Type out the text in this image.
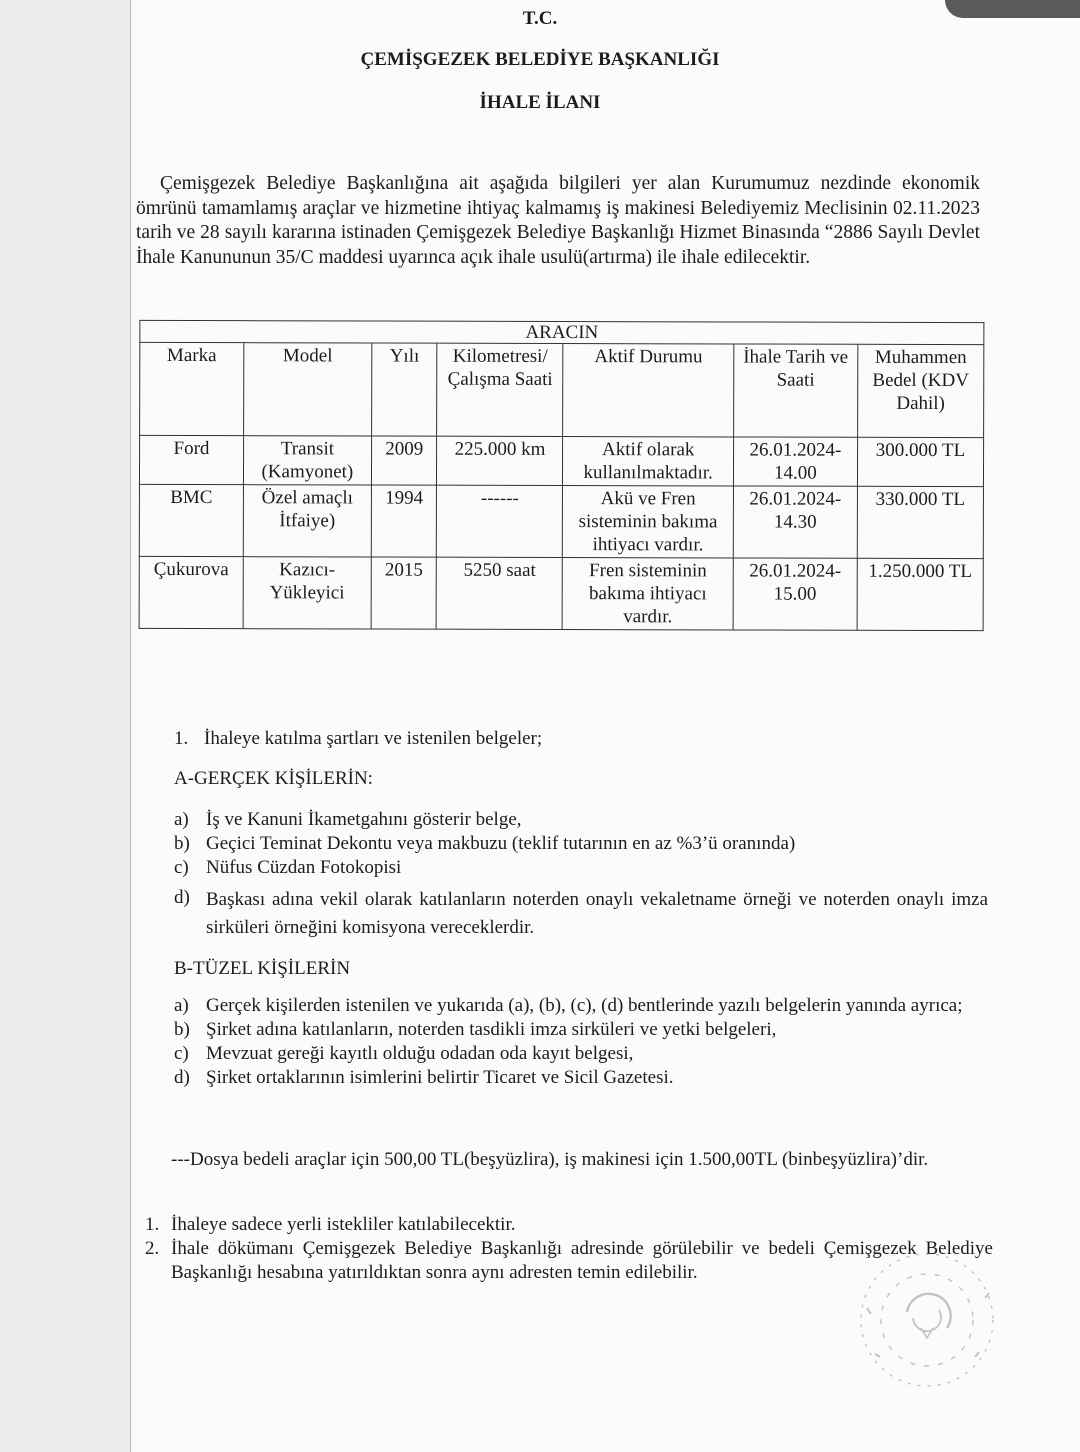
T.C.
ÇEMİŞGEZEK BELEDİYE BAŞKANLIĞI
İHALE İLANI

Çemişgezek Belediye Başkanlığına ait aşağıda bilgileri yer alan Kurumumuz nezdinde ekonomik ömrünü tamamlamış araçlar ve hizmetine ihtiyaç kalmamış iş makinesi Belediyemiz Meclisinin 02.11.2023 tarih ve 28 sayılı kararına istinaden Çemişgezek Belediye Başkanlığı Hizmet Binasında “2886 Sayılı Devlet İhale Kanununun 35/C maddesi uyarınca açık ihale usulü(artırma) ile ihale edilecektir.

ARACIN						
Marka	Model	Yılı	Kilometresi/ Çalışma Saati	Aktif Durumu	İhale Tarih ve Saati	Muhammen Bedel (KDV Dahil)
Ford	Transit (Kamyonet)	2009	225.000 km	Aktif olarak kullanılmaktadır.	26.01.2024- 14.00	300.000 TL
BMC	Özel amaçlı İtfaiye)	1994	------	Akü ve Fren sisteminin bakıma ihtiyacı vardır.	26.01.2024- 14.30	330.000 TL
Çukurova	Kazıcı- Yükleyici	2015	5250 saat	Fren sisteminin bakıma ihtiyacı vardır.	26.01.2024- 15.00	1.250.000 TL
1. İhaleye katılma şartları ve istenilen belgeler;
A-GERÇEK KİŞİLERİN:
a) İş ve Kanuni İkametgahını gösterir belge,
b) Geçici Teminat Dekontu veya makbuzu (teklif tutarının en az %3’ü oranında)
c) Nüfus Cüzdan Fotokopisi
d) Başkası adına vekil olarak katılanların noterden onaylı vekaletname örneği ve noterden onaylı imza sirküleri örneğini komisyona vereceklerdir.
B-TÜZEL KİŞİLERİN
a) Gerçek kişilerden istenilen ve yukarıda (a), (b), (c), (d) bentlerinde yazılı belgelerin yanında ayrıca;
b) Şirket adına katılanların, noterden tasdikli imza sirküleri ve yetki belgeleri,
c) Mevzuat gereği kayıtlı olduğu odadan oda kayıt belgesi,
d) Şirket ortaklarının isimlerini belirtir Ticaret ve Sicil Gazetesi.
---Dosya bedeli araçlar için 500,00 TL(beşyüzlira), iş makinesi için 1.500,00TL (binbeşyüzlira)’dir.
1. İhaleye sadece yerli istekliler katılabilecektir.
2. İhale dökümanı Çemişgezek Belediye Başkanlığı adresinde görülebilir ve bedeli Çemişgezek Belediye Başkanlığı hesabına yatırıldıktan sonra aynı adresten temin edilebilir.
